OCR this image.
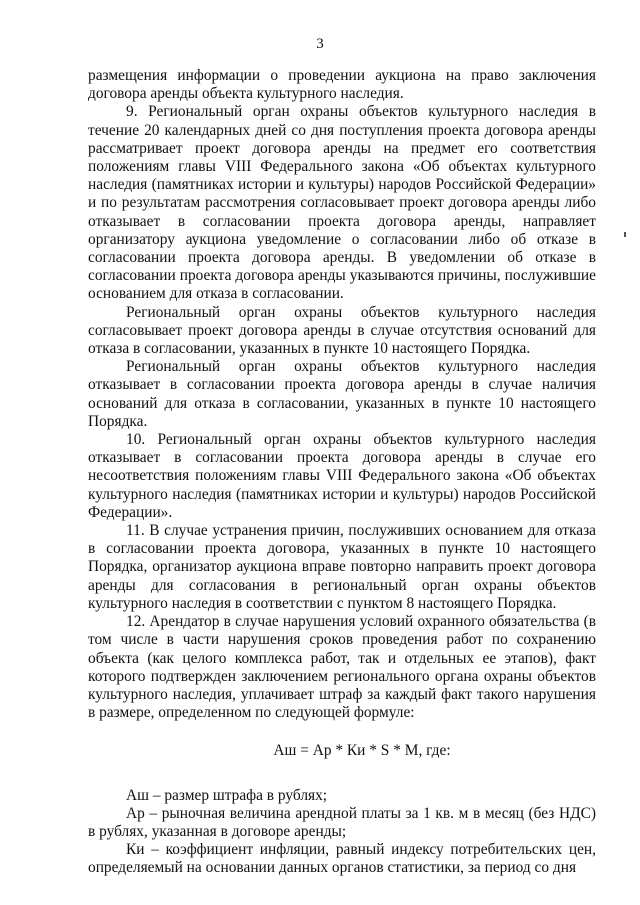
3

размещения информации о проведении аукциона на право заключения договора аренды объекта культурного наследия.

9. Региональный орган охраны объектов культурного наследия в течение 20 календарных дней со дня поступления проекта договора аренды рассматривает проект договора аренды на предмет его соответствия положениям главы VIII Федерального закона «Об объектах культурного наследия (памятниках истории и культуры) народов Российской Федерации» и по результатам рассмотрения согласовывает проект договора аренды либо отказывает в согласовании проекта договора аренды, направляет организатору аукциона уведомление о согласовании либо об отказе в согласовании проекта договора аренды. В уведомлении об отказе в согласовании проекта договора аренды указываются причины, послужившие основанием для отказа в согласовании.

Региональный орган охраны объектов культурного наследия согласовывает проект договора аренды в случае отсутствия оснований для отказа в согласовании, указанных в пункте 10 настоящего Порядка.

Региональный орган охраны объектов культурного наследия отказывает в согласовании проекта договора аренды в случае наличия оснований для отказа в согласовании, указанных в пункте 10 настоящего Порядка.

10. Региональный орган охраны объектов культурного наследия отказывает в согласовании проекта договора аренды в случае его несоответствия положениям главы VIII Федерального закона «Об объектах культурного наследия (памятниках истории и культуры) народов Российской Федерации».

11. В случае устранения причин, послуживших основанием для отказа в согласовании проекта договора, указанных в пункте 10 настоящего Порядка, организатор аукциона вправе повторно направить проект договора аренды для согласования в региональный орган охраны объектов культурного наследия в соответствии с пунктом 8 настоящего Порядка.

12. Арендатор в случае нарушения условий охранного обязательства (в том числе в части нарушения сроков проведения работ по сохранению объекта (как целого комплекса работ, так и отдельных ее этапов), факт которого подтвержден заключением регионального органа охраны объектов культурного наследия, уплачивает штраф за каждый факт такого нарушения в размере, определенном по следующей формуле:

Аш = Ар * Ки * S * М, где:

Аш – размер штрафа в рублях;

Ар – рыночная величина арендной платы за 1 кв. м в месяц (без НДС) в рублях, указанная в договоре аренды;

Ки – коэффициент инфляции, равный индексу потребительских цен, определяемый на основании данных органов статистики, за период со дня
